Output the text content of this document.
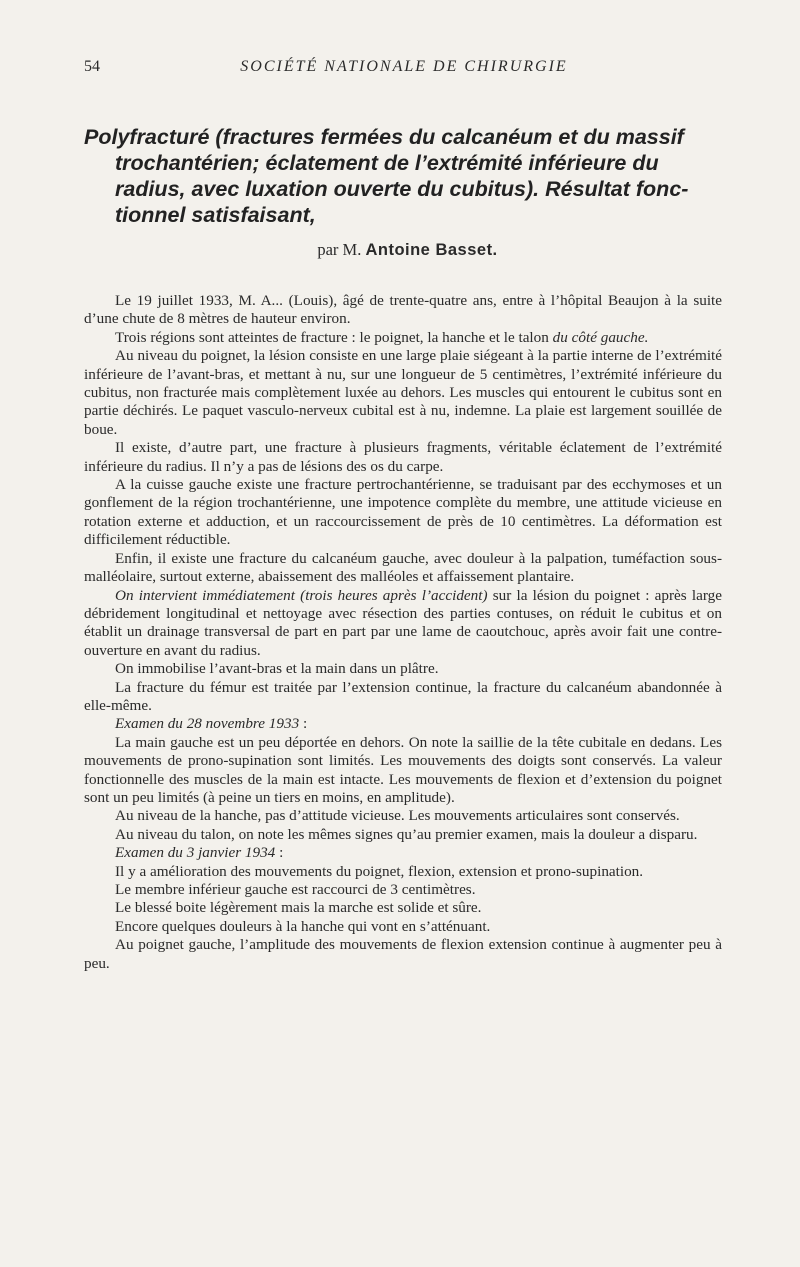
54	SOCIÉTÉ NATIONALE DE CHIRURGIE
Polyfracturé (fractures fermées du calcanéum et du massif
trochantérien; éclatement de l’extrémité inférieure du
radius, avec luxation ouverte du cubitus). Résultat fonc-
tionnel satisfaisant,
par M. Antoine Basset.

Le 19 juillet 1933, M. A... (Louis), âgé de trente-quatre ans, entre à l’hôpital Beaujon à la suite d’une chute de 8 mètres de hauteur environ.

Trois régions sont atteintes de fracture : le poignet, la hanche et le talon du côté gauche.

Au niveau du poignet, la lésion consiste en une large plaie siégeant à la partie interne de l’extrémité inférieure de l’avant-bras, et mettant à nu, sur une longueur de 5 centimètres, l’extrémité inférieure du cubitus, non fracturée mais complètement luxée au dehors. Les muscles qui entourent le cubitus sont en partie déchirés. Le paquet vasculo-nerveux cubital est à nu, indemne. La plaie est largement souillée de boue.

Il existe, d’autre part, une fracture à plusieurs fragments, véritable éclatement de l’extrémité inférieure du radius. Il n’y a pas de lésions des os du carpe.

A la cuisse gauche existe une fracture pertrochantérienne, se traduisant par des ecchymoses et un gonflement de la région trochantérienne, une impotence complète du membre, une attitude vicieuse en rotation externe et adduction, et un raccourcissement de près de 10 centimètres. La déformation est difficilement réductible.

Enfin, il existe une fracture du calcanéum gauche, avec douleur à la palpation, tuméfaction sous-malléolaire, surtout externe, abaissement des malléoles et affaissement plantaire.

On intervient immédiatement (trois heures après l’accident) sur la lésion du poignet : après large débridement longitudinal et nettoyage avec résection des parties contuses, on réduit le cubitus et on établit un drainage transversal de part en part par une lame de caoutchouc, après avoir fait une contre-ouverture en avant du radius.

On immobilise l’avant-bras et la main dans un plâtre.

La fracture du fémur est traitée par l’extension continue, la fracture du calcanéum abandonnée à elle-même.

Examen du 28 novembre 1933 :

La main gauche est un peu déportée en dehors. On note la saillie de la tête cubitale en dedans. Les mouvements de prono-supination sont limités. Les mouvements des doigts sont conservés. La valeur fonctionnelle des muscles de la main est intacte. Les mouvements de flexion et d’extension du poignet sont un peu limités (à peine un tiers en moins, en amplitude).

Au niveau de la hanche, pas d’attitude vicieuse. Les mouvements articulaires sont conservés.

Au niveau du talon, on note les mêmes signes qu’au premier examen, mais la douleur a disparu.

Examen du 3 janvier 1934 :

Il y a amélioration des mouvements du poignet, flexion, extension et prono-supination.

Le membre inférieur gauche est raccourci de 3 centimètres.

Le blessé boite légèrement mais la marche est solide et sûre.

Encore quelques douleurs à la hanche qui vont en s’atténuant.

Au poignet gauche, l’amplitude des mouvements de flexion extension continue à augmenter peu à peu.
